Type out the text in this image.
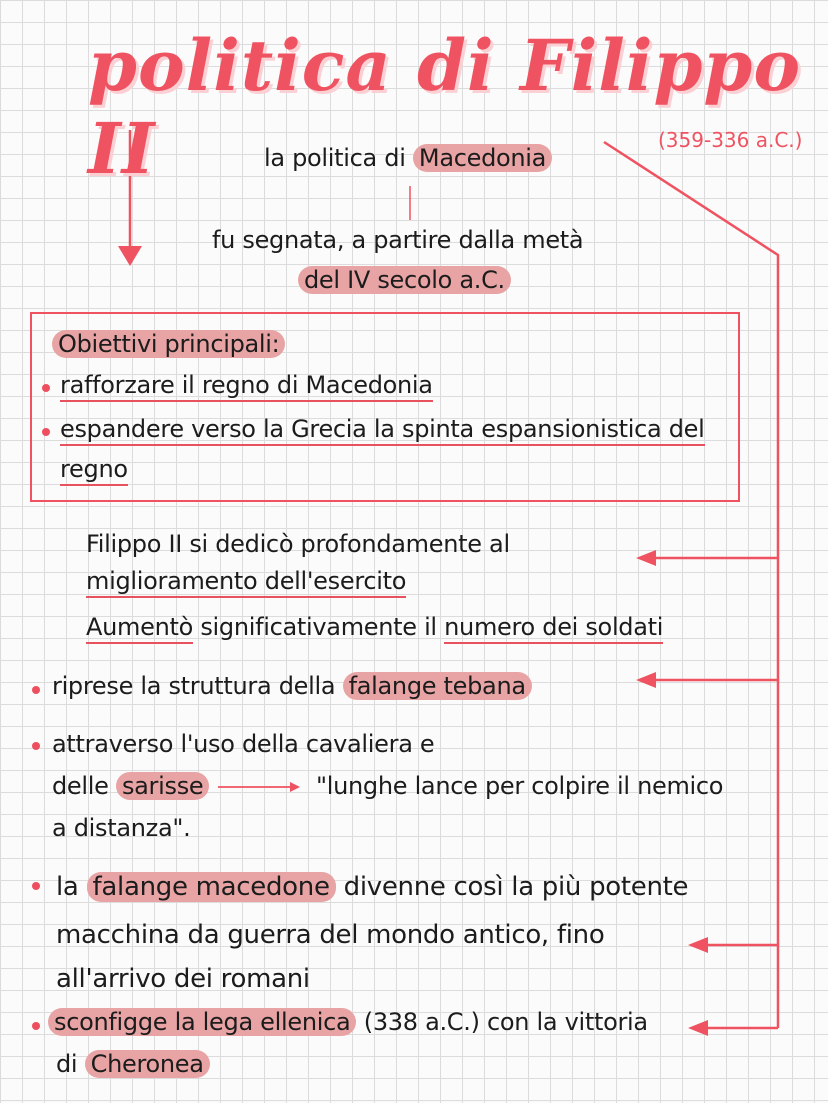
politica di Filippo II	(359-336 a.C.)
la politica di Macedonia
fu segnata, a partire dalla metà
del IV secolo a.C.
Obiettivi principali:
rafforzare il regno di Macedonia
espandere verso la Grecia la spinta espansionistica del
regno
Filippo II si dedicò profondamente al
miglioramento dell'esercito
Aumentò significativamente il numero dei soldati
riprese la struttura della falange tebana
attraverso l'uso della cavaliera e
delle sarisse	"lunghe lance per colpire il nemico
a distanza".
la falange macedone divenne così la più potente
macchina da guerra del mondo antico, fino
all'arrivo dei romani
sconfigge la lega ellenica (338 a.C.) con la vittoria
di Cheronea
